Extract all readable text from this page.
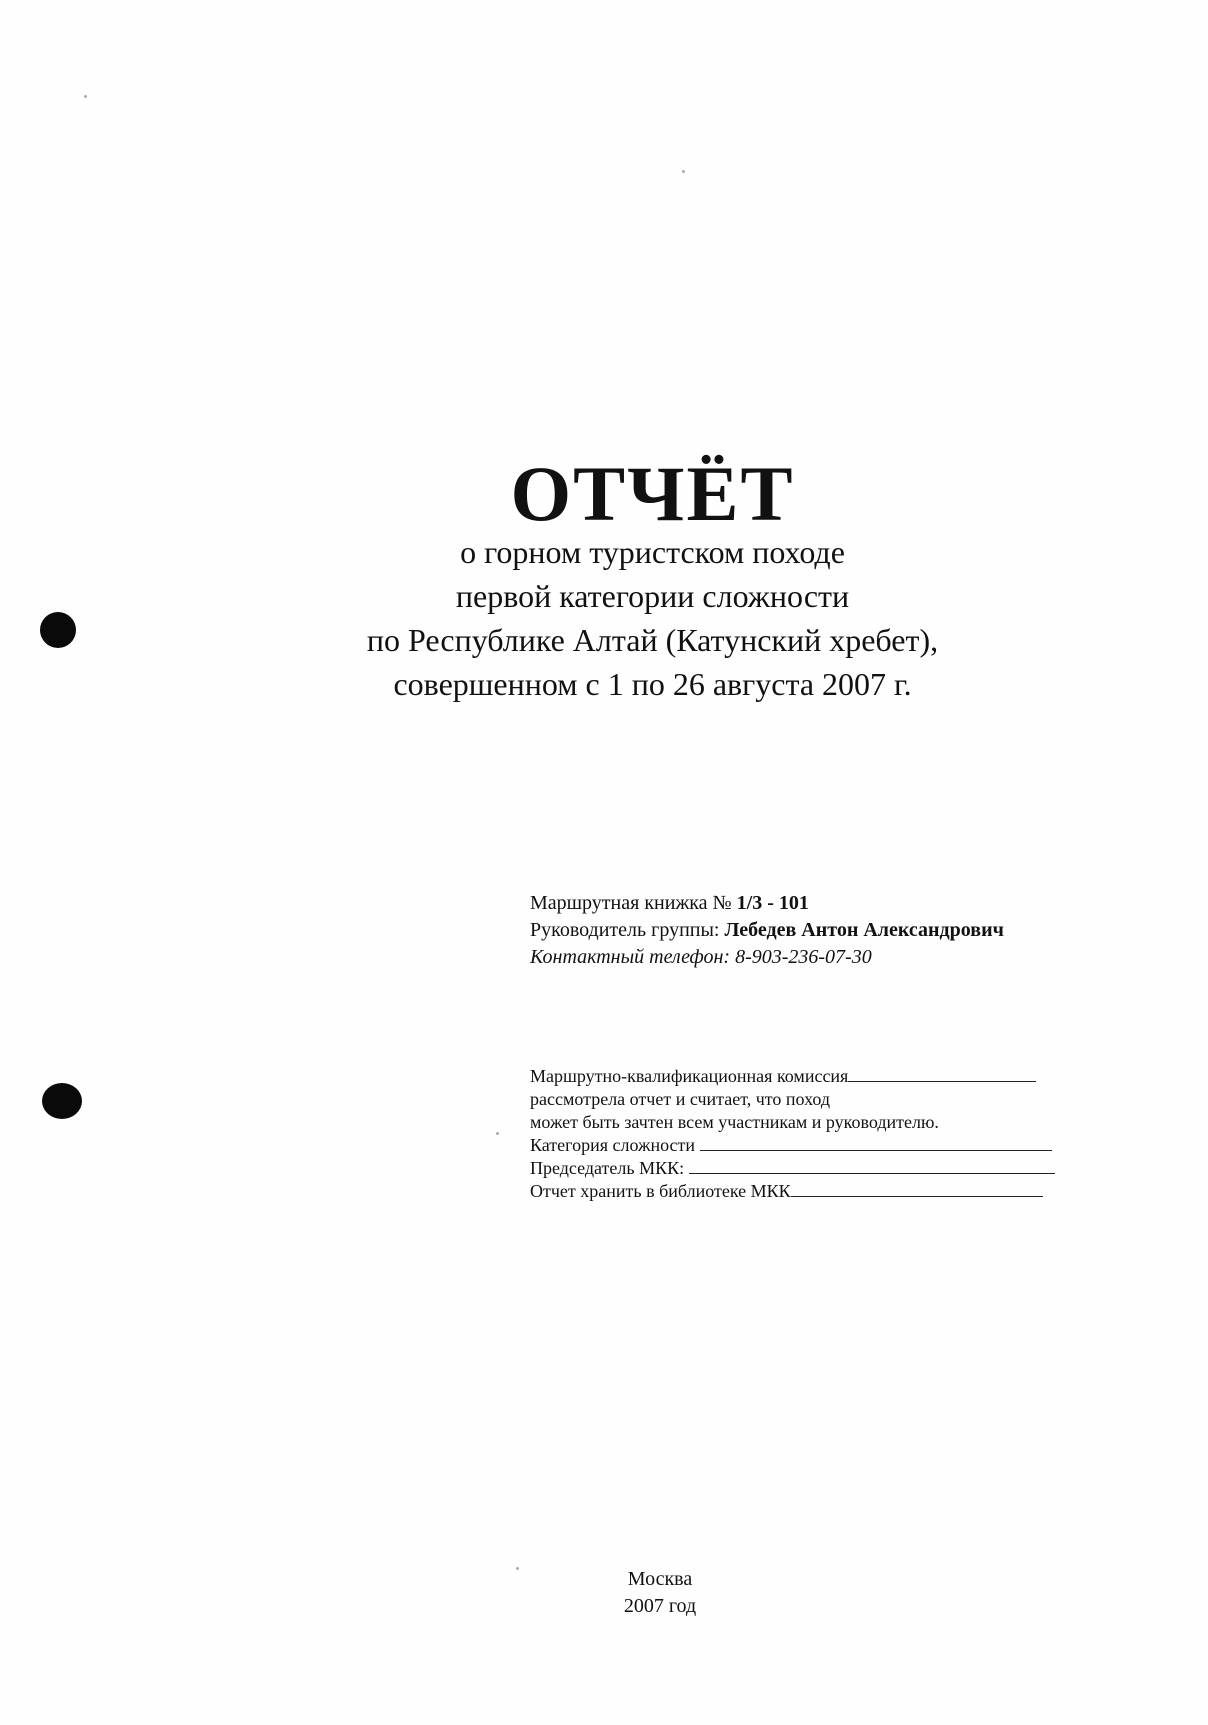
ОТЧЁТ
о горном туристском походе
первой категории сложности
по Республике Алтай (Катунский хребет),
совершенном с 1 по 26 августа 2007 г.
Маршрутная книжка № 1/3 - 101
Руководитель группы: Лебедев Антон Александрович
Контактный телефон: 8-903-236-07-30
Маршрутно-квалификационная комиссия
рассмотрела отчет и считает, что поход
может быть зачтен всем участникам и руководителю.
Категория сложности
Председатель МКК:
Отчет хранить в библиотеке МКК
Москва
2007 год
